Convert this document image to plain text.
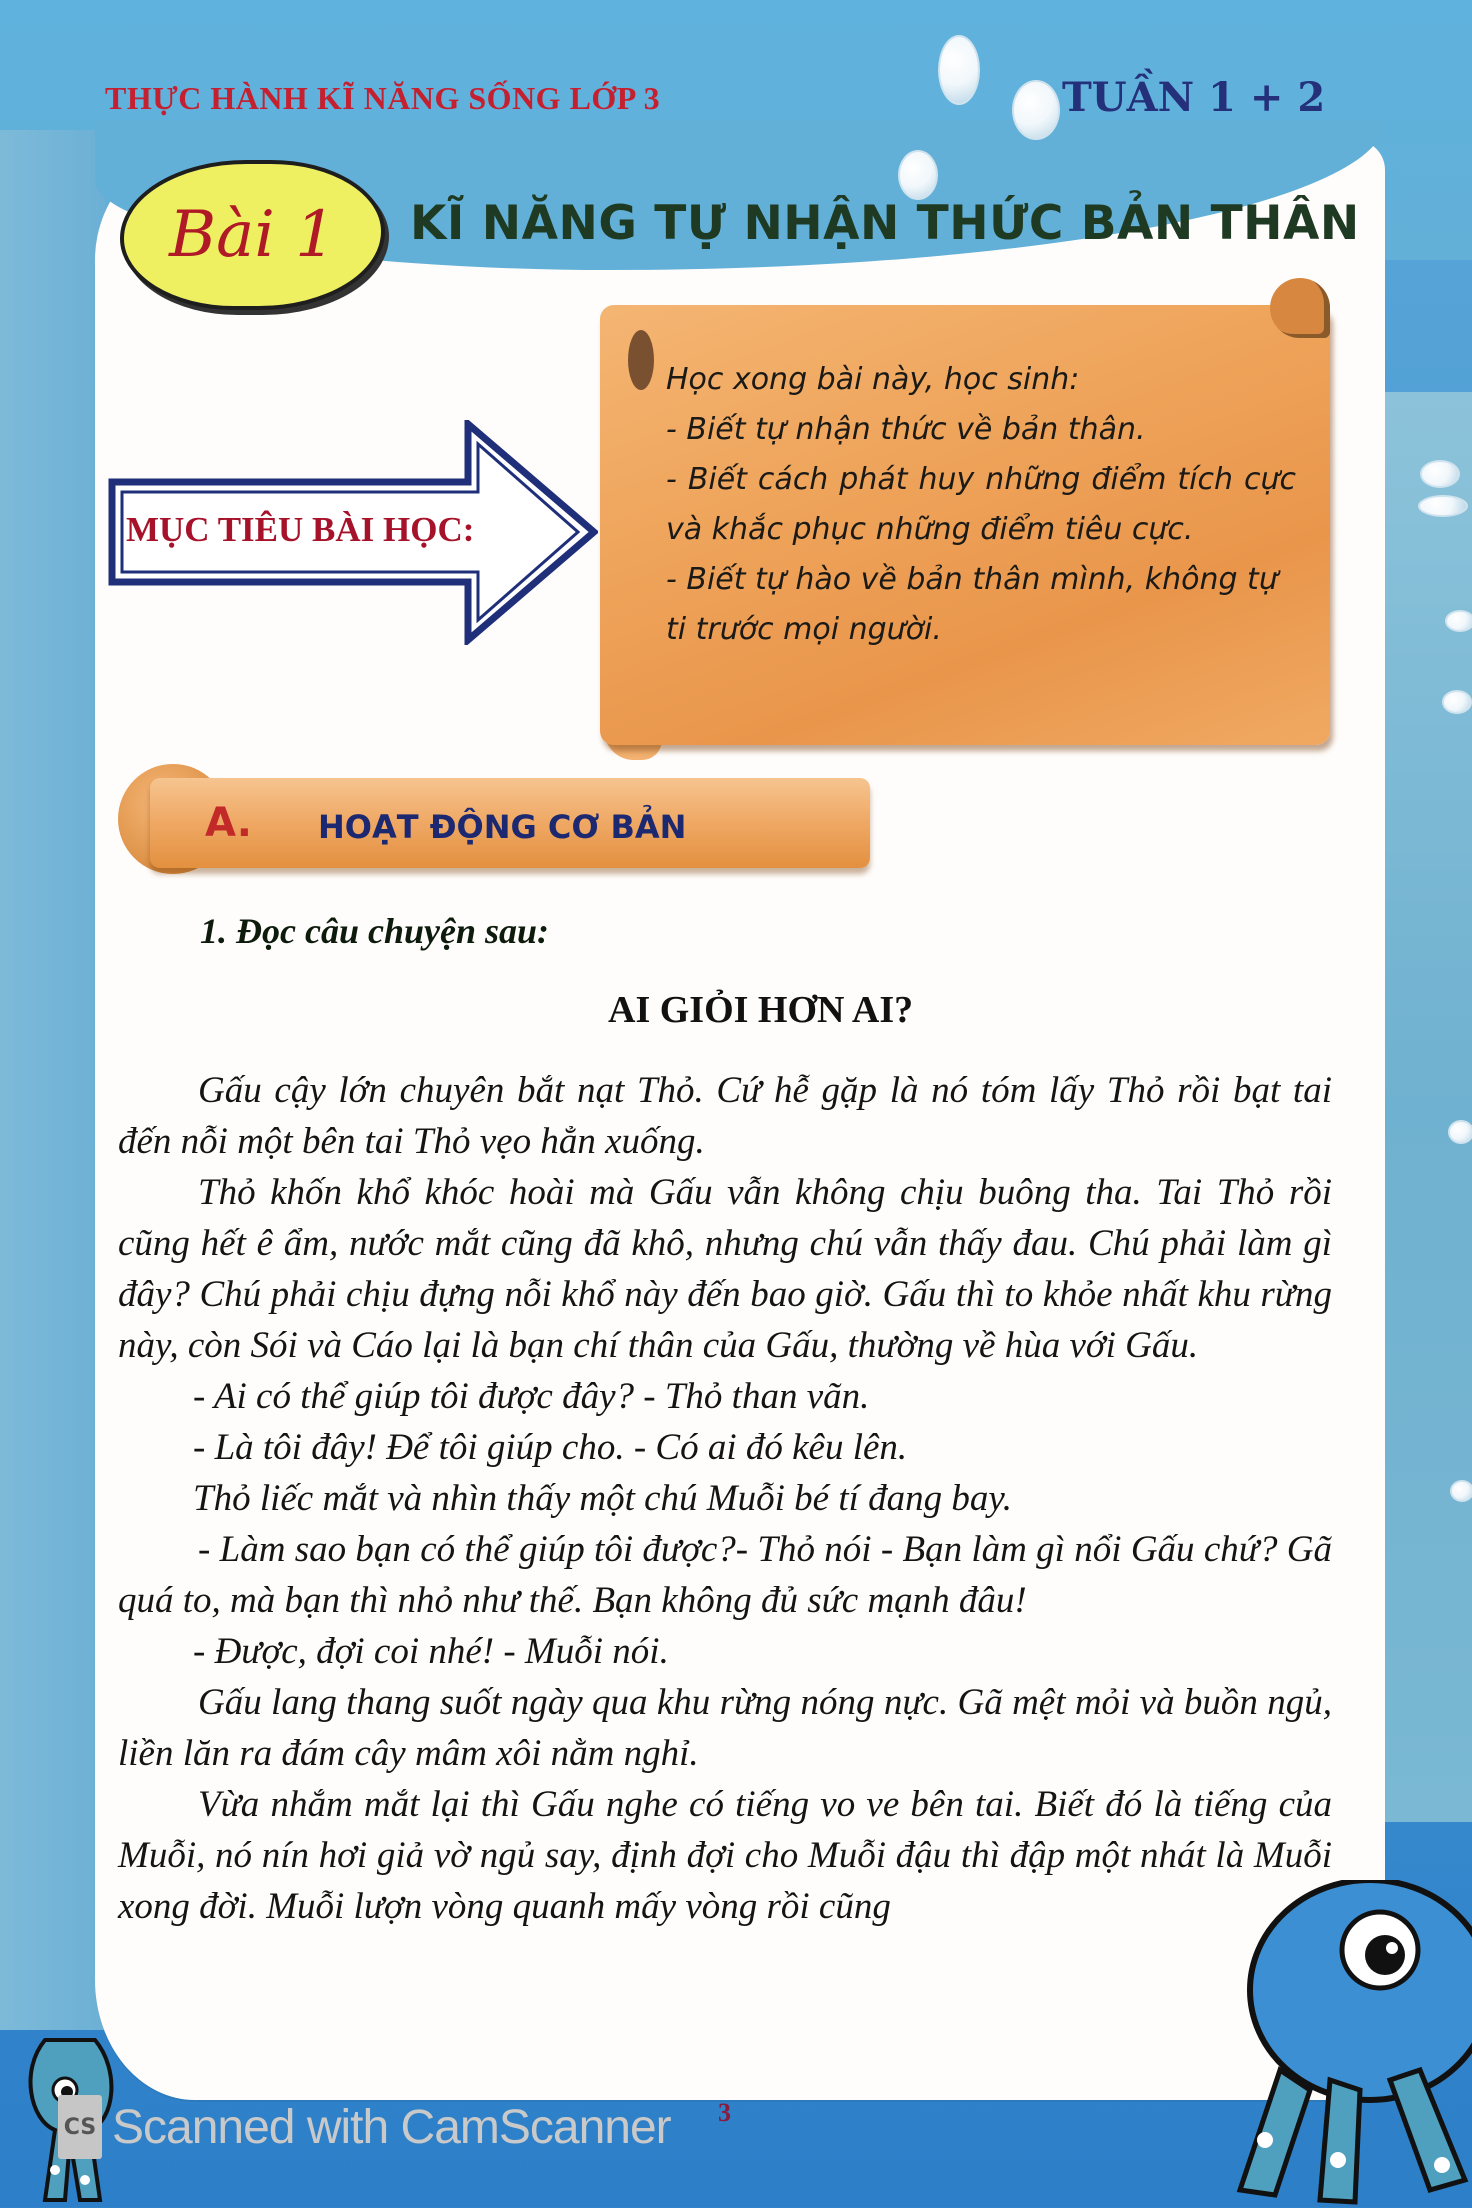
THỰC HÀNH KĨ NĂNG SỐNG LỚP 3	TUẦN 1 + 2
Bài 1 KĨ NĂNG TỰ NHẬN THỨC BẢN THÂN
MỤC TIÊU BÀI HỌC:

Học xong bài này, học sinh:

- Biết tự nhận thức về bản thân.

- Biết cách phát huy những điểm tích cực và khắc phục những điểm tiêu cực.

- Biết tự hào về bản thân mình, không tự ti trước mọi người.

A. HOẠT ĐỘNG CƠ BẢN
1. Đọc câu chuyện sau:
AI GIỎI HƠN AI?

Gấu cậy lớn chuyên bắt nạt Thỏ. Cứ hễ gặp là nó tóm lấy Thỏ rồi bạt tai đến nỗi một bên tai Thỏ vẹo hẳn xuống.

Thỏ khốn khổ khóc hoài mà Gấu vẫn không chịu buông tha. Tai Thỏ rồi cũng hết ê ẩm, nước mắt cũng đã khô, nhưng chú vẫn thấy đau. Chú phải làm gì đây? Chú phải chịu đựng nỗi khổ này đến bao giờ. Gấu thì to khỏe nhất khu rừng này, còn Sói và Cáo lại là bạn chí thân của Gấu, thường về hùa với Gấu.

- Ai có thể giúp tôi được đây? - Thỏ than vãn.

- Là tôi đây! Để tôi giúp cho. - Có ai đó kêu lên.

Thỏ liếc mắt và nhìn thấy một chú Muỗi bé tí đang bay.

- Làm sao bạn có thể giúp tôi được?- Thỏ nói - Bạn làm gì nổi Gấu chứ? Gã quá to, mà bạn thì nhỏ như thế. Bạn không đủ sức mạnh đâu!

- Được, đợi coi nhé! - Muỗi nói.

Gấu lang thang suốt ngày qua khu rừng nóng nực. Gã mệt mỏi và buồn ngủ, liền lăn ra đám cây mâm xôi nằm nghỉ.

Vừa nhắm mắt lại thì Gấu nghe có tiếng vo ve bên tai. Biết đó là tiếng của Muỗi, nó nín hơi giả vờ ngủ say, định đợi cho Muỗi đậu thì đập một nhát là Muỗi xong đời. Muỗi lượn vòng quanh mấy vòng rồi cũng

CS Scanned with CamScanner 3
